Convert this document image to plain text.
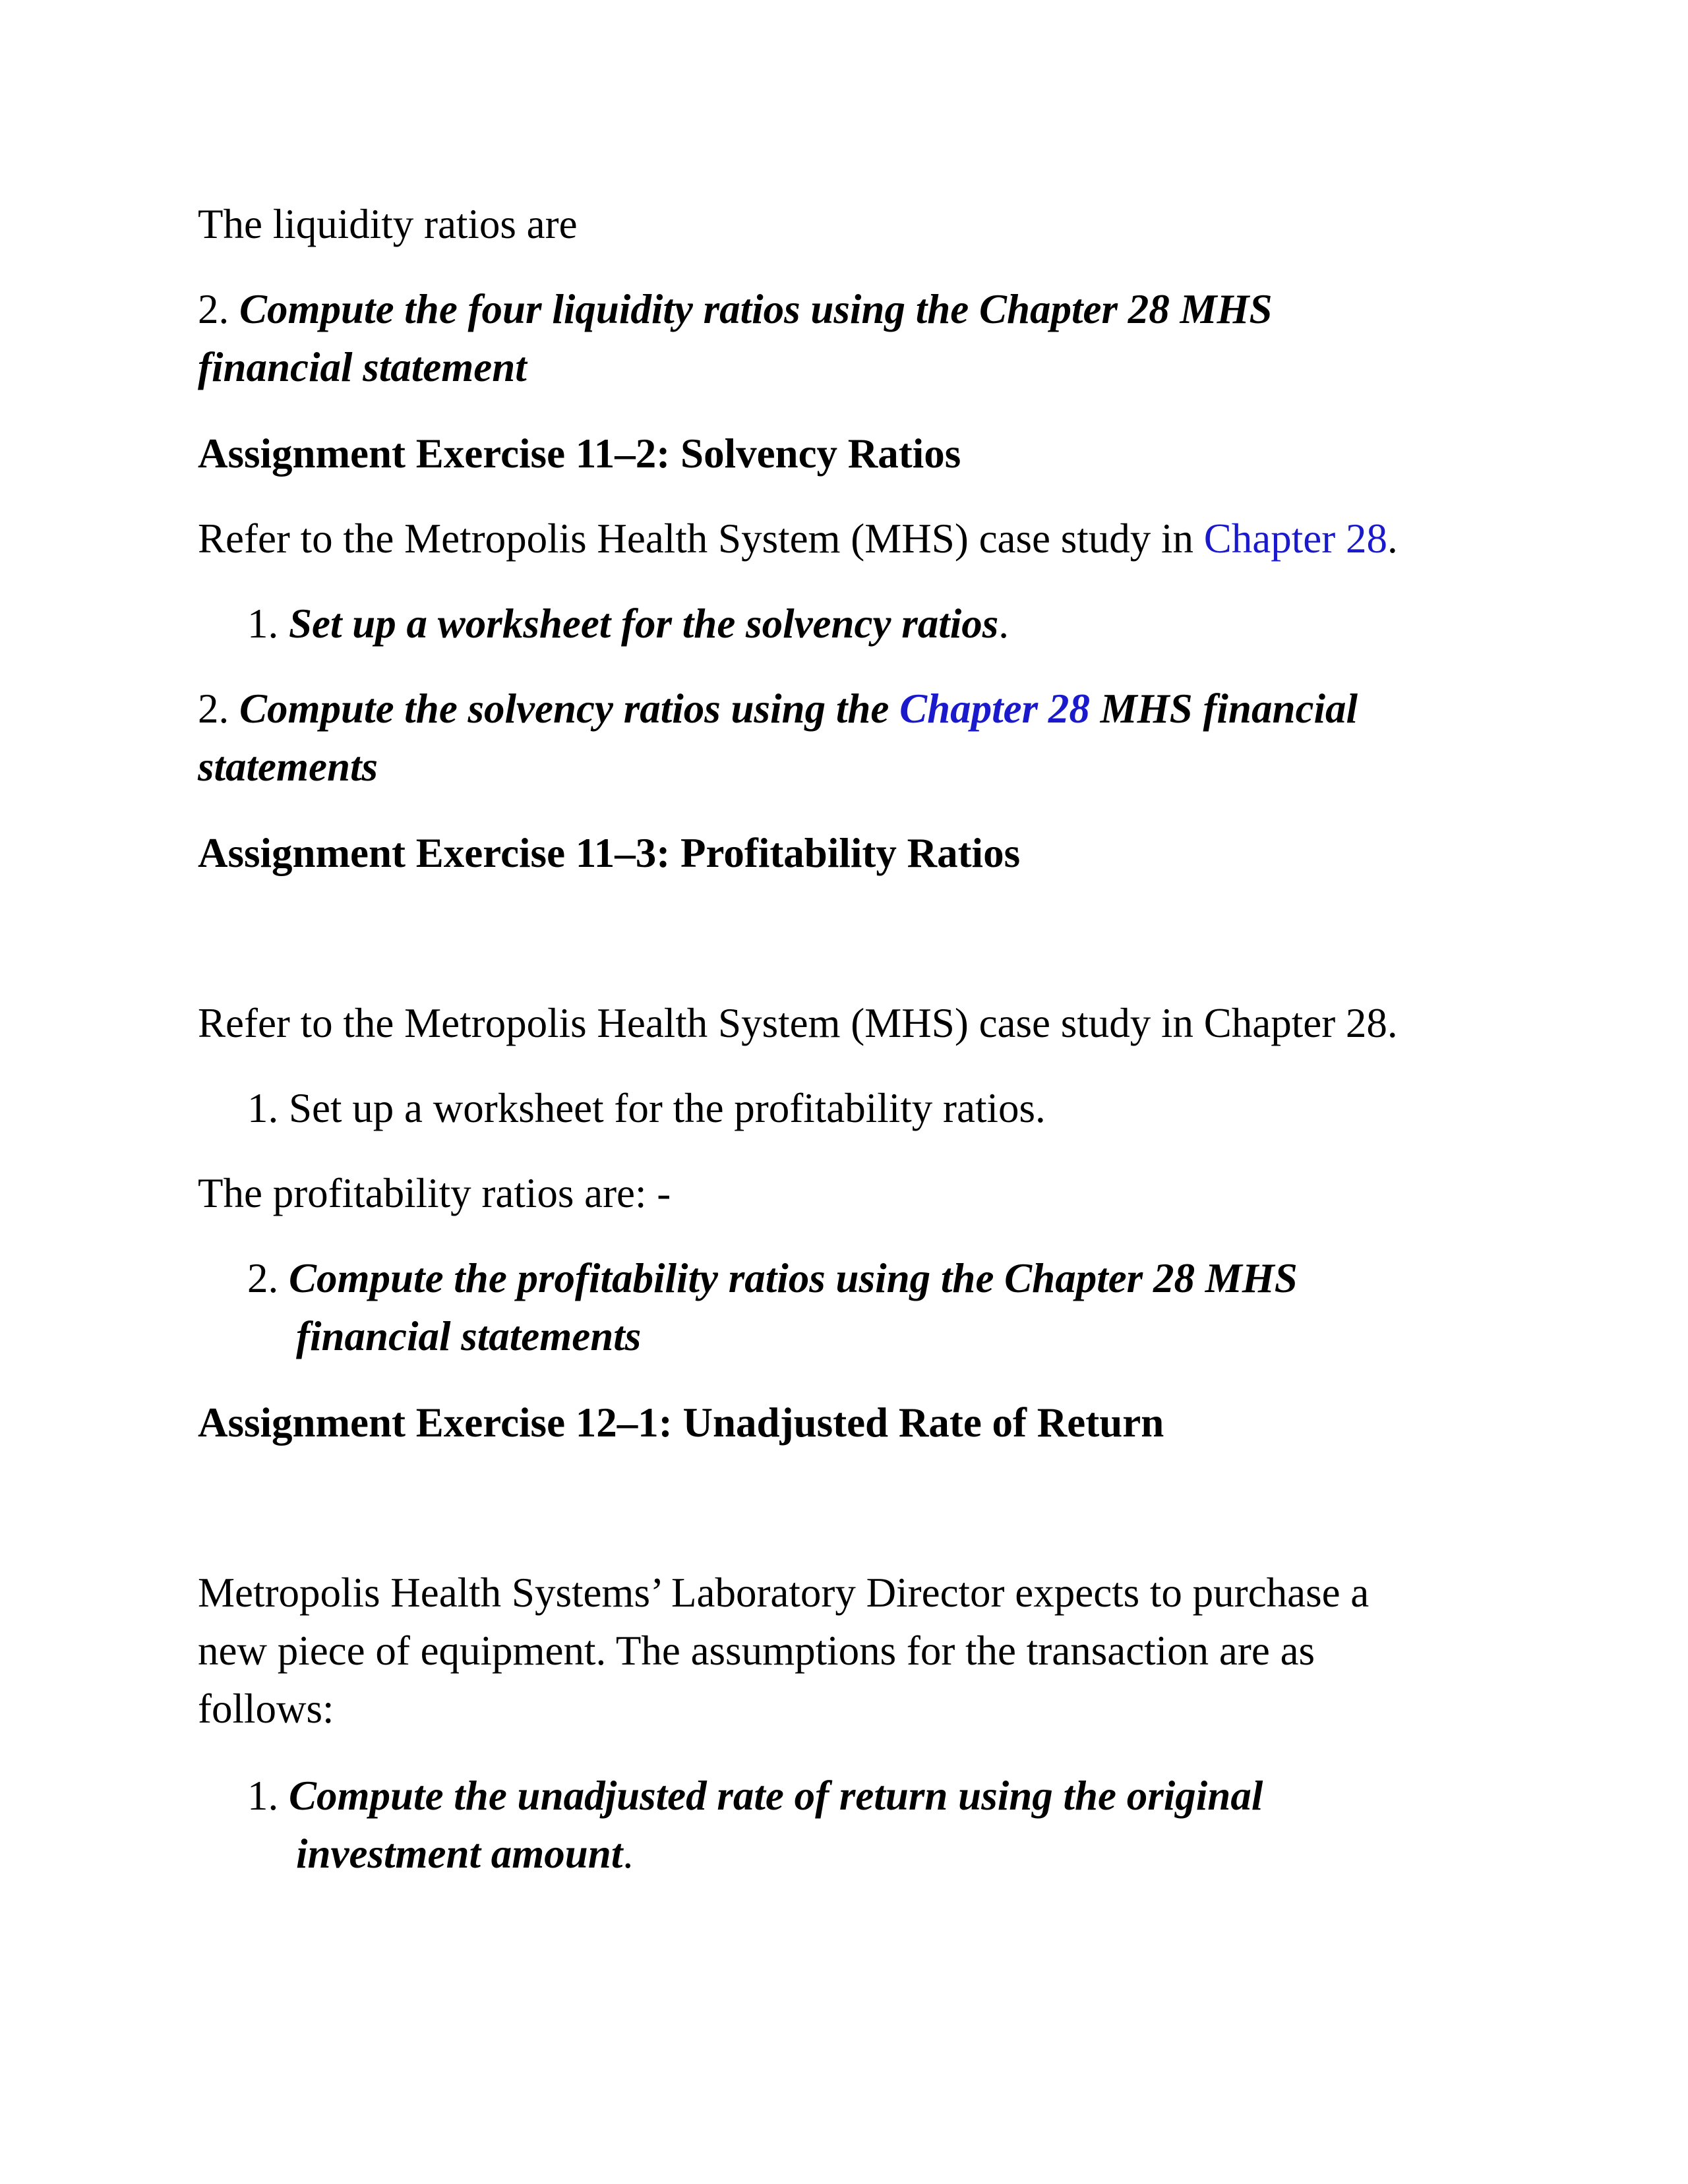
The liquidity ratios are

2. Compute the four liquidity ratios using the Chapter 28 MHS
financial statement

Assignment Exercise 11–2: Solvency Ratios

Refer to the Metropolis Health System (MHS) case study in Chapter 28.

1. Set up a worksheet for the solvency ratios.

2. Compute the solvency ratios using the Chapter 28 MHS financial
statements

Assignment Exercise 11–3: Profitability Ratios

Refer to the Metropolis Health System (MHS) case study in Chapter 28.

1. Set up a worksheet for the profitability ratios.

The profitability ratios are: -

2. Compute the profitability ratios using the Chapter 28 MHS
financial statements

Assignment Exercise 12–1: Unadjusted Rate of Return

Metropolis Health Systems’ Laboratory Director expects to purchase a
new piece of equipment. The assumptions for the transaction are as
follows:

1. Compute the unadjusted rate of return using the original
investment amount.
